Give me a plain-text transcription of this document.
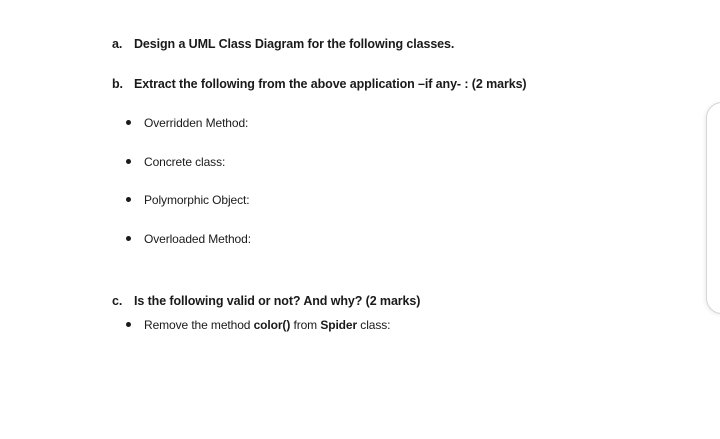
a. Design a UML Class Diagram for the following classes.
b. Extract the following from the above application –if any- : (2 marks)
Overridden Method:
Concrete class:
Polymorphic Object:
Overloaded Method:
c. Is the following valid or not? And why? (2 marks)
Remove the method color() from Spider class:
